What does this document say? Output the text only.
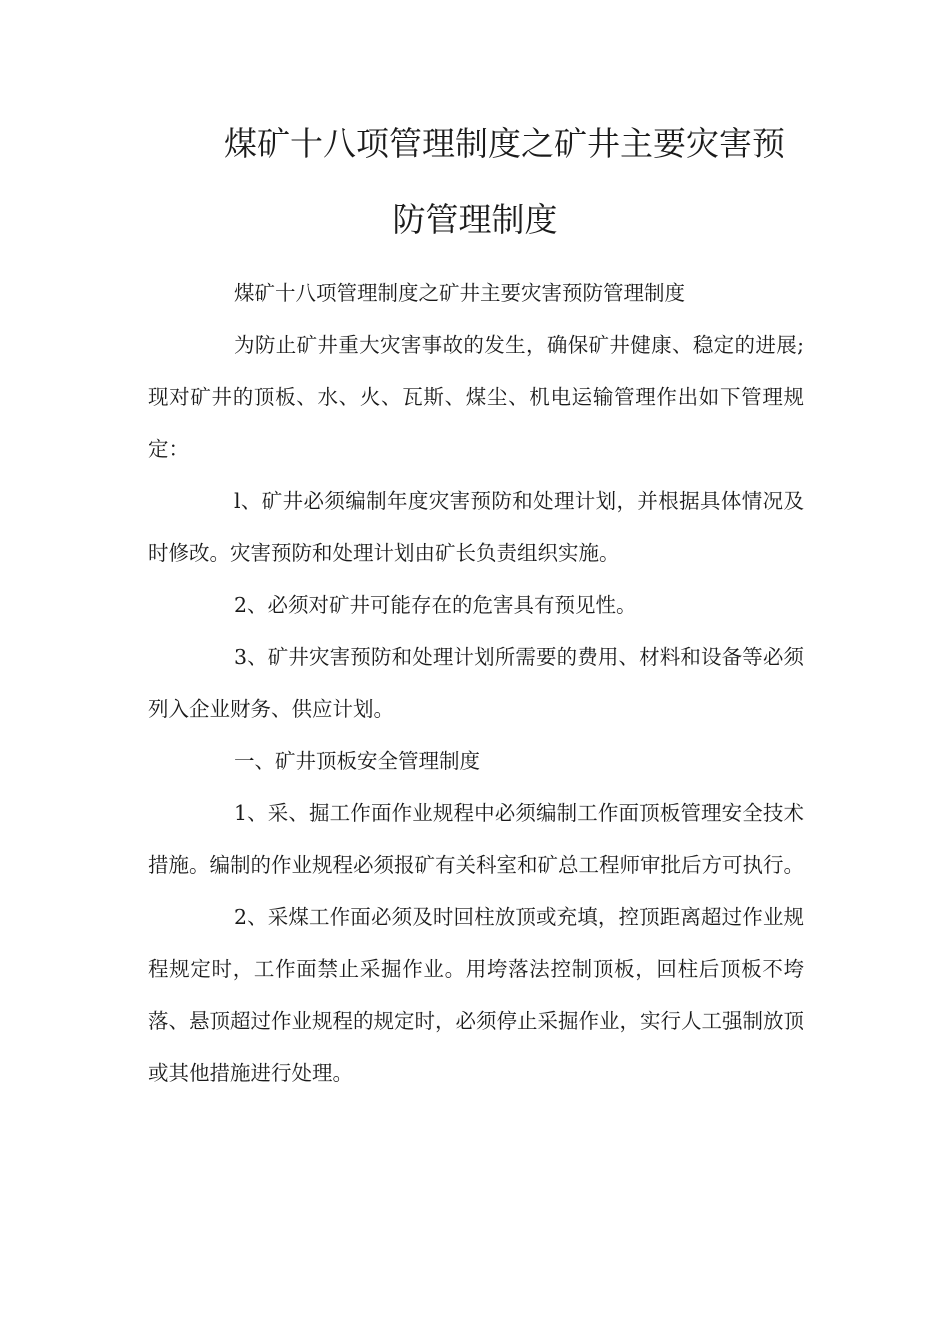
煤矿十八项管理制度之矿井主要灾害预
防管理制度

煤矿十八项管理制度之矿井主要灾害预防管理制度

为防止矿井重大灾害事故的发生，确保矿井健康、稳定的进展;现对矿井的顶板、水、火、瓦斯、煤尘、机电运输管理作出如下管理规定：

l、矿井必须编制年度灾害预防和处理计划，并根据具体情况及时修改。灾害预防和处理计划由矿长负责组织实施。

2、必须对矿井可能存在的危害具有预见性。

3、矿井灾害预防和处理计划所需要的费用、材料和设备等必须列入企业财务、供应计划。

一、矿井顶板安全管理制度

1、采、掘工作面作业规程中必须编制工作面顶板管理安全技术措施。编制的作业规程必须报矿有关科室和矿总工程师审批后方可执行。

2、采煤工作面必须及时回柱放顶或充填，控顶距离超过作业规程规定时，工作面禁止采掘作业。用垮落法控制顶板，回柱后顶板不垮落、悬顶超过作业规程的规定时，必须停止采掘作业，实行人工强制放顶或其他措施进行处理。
